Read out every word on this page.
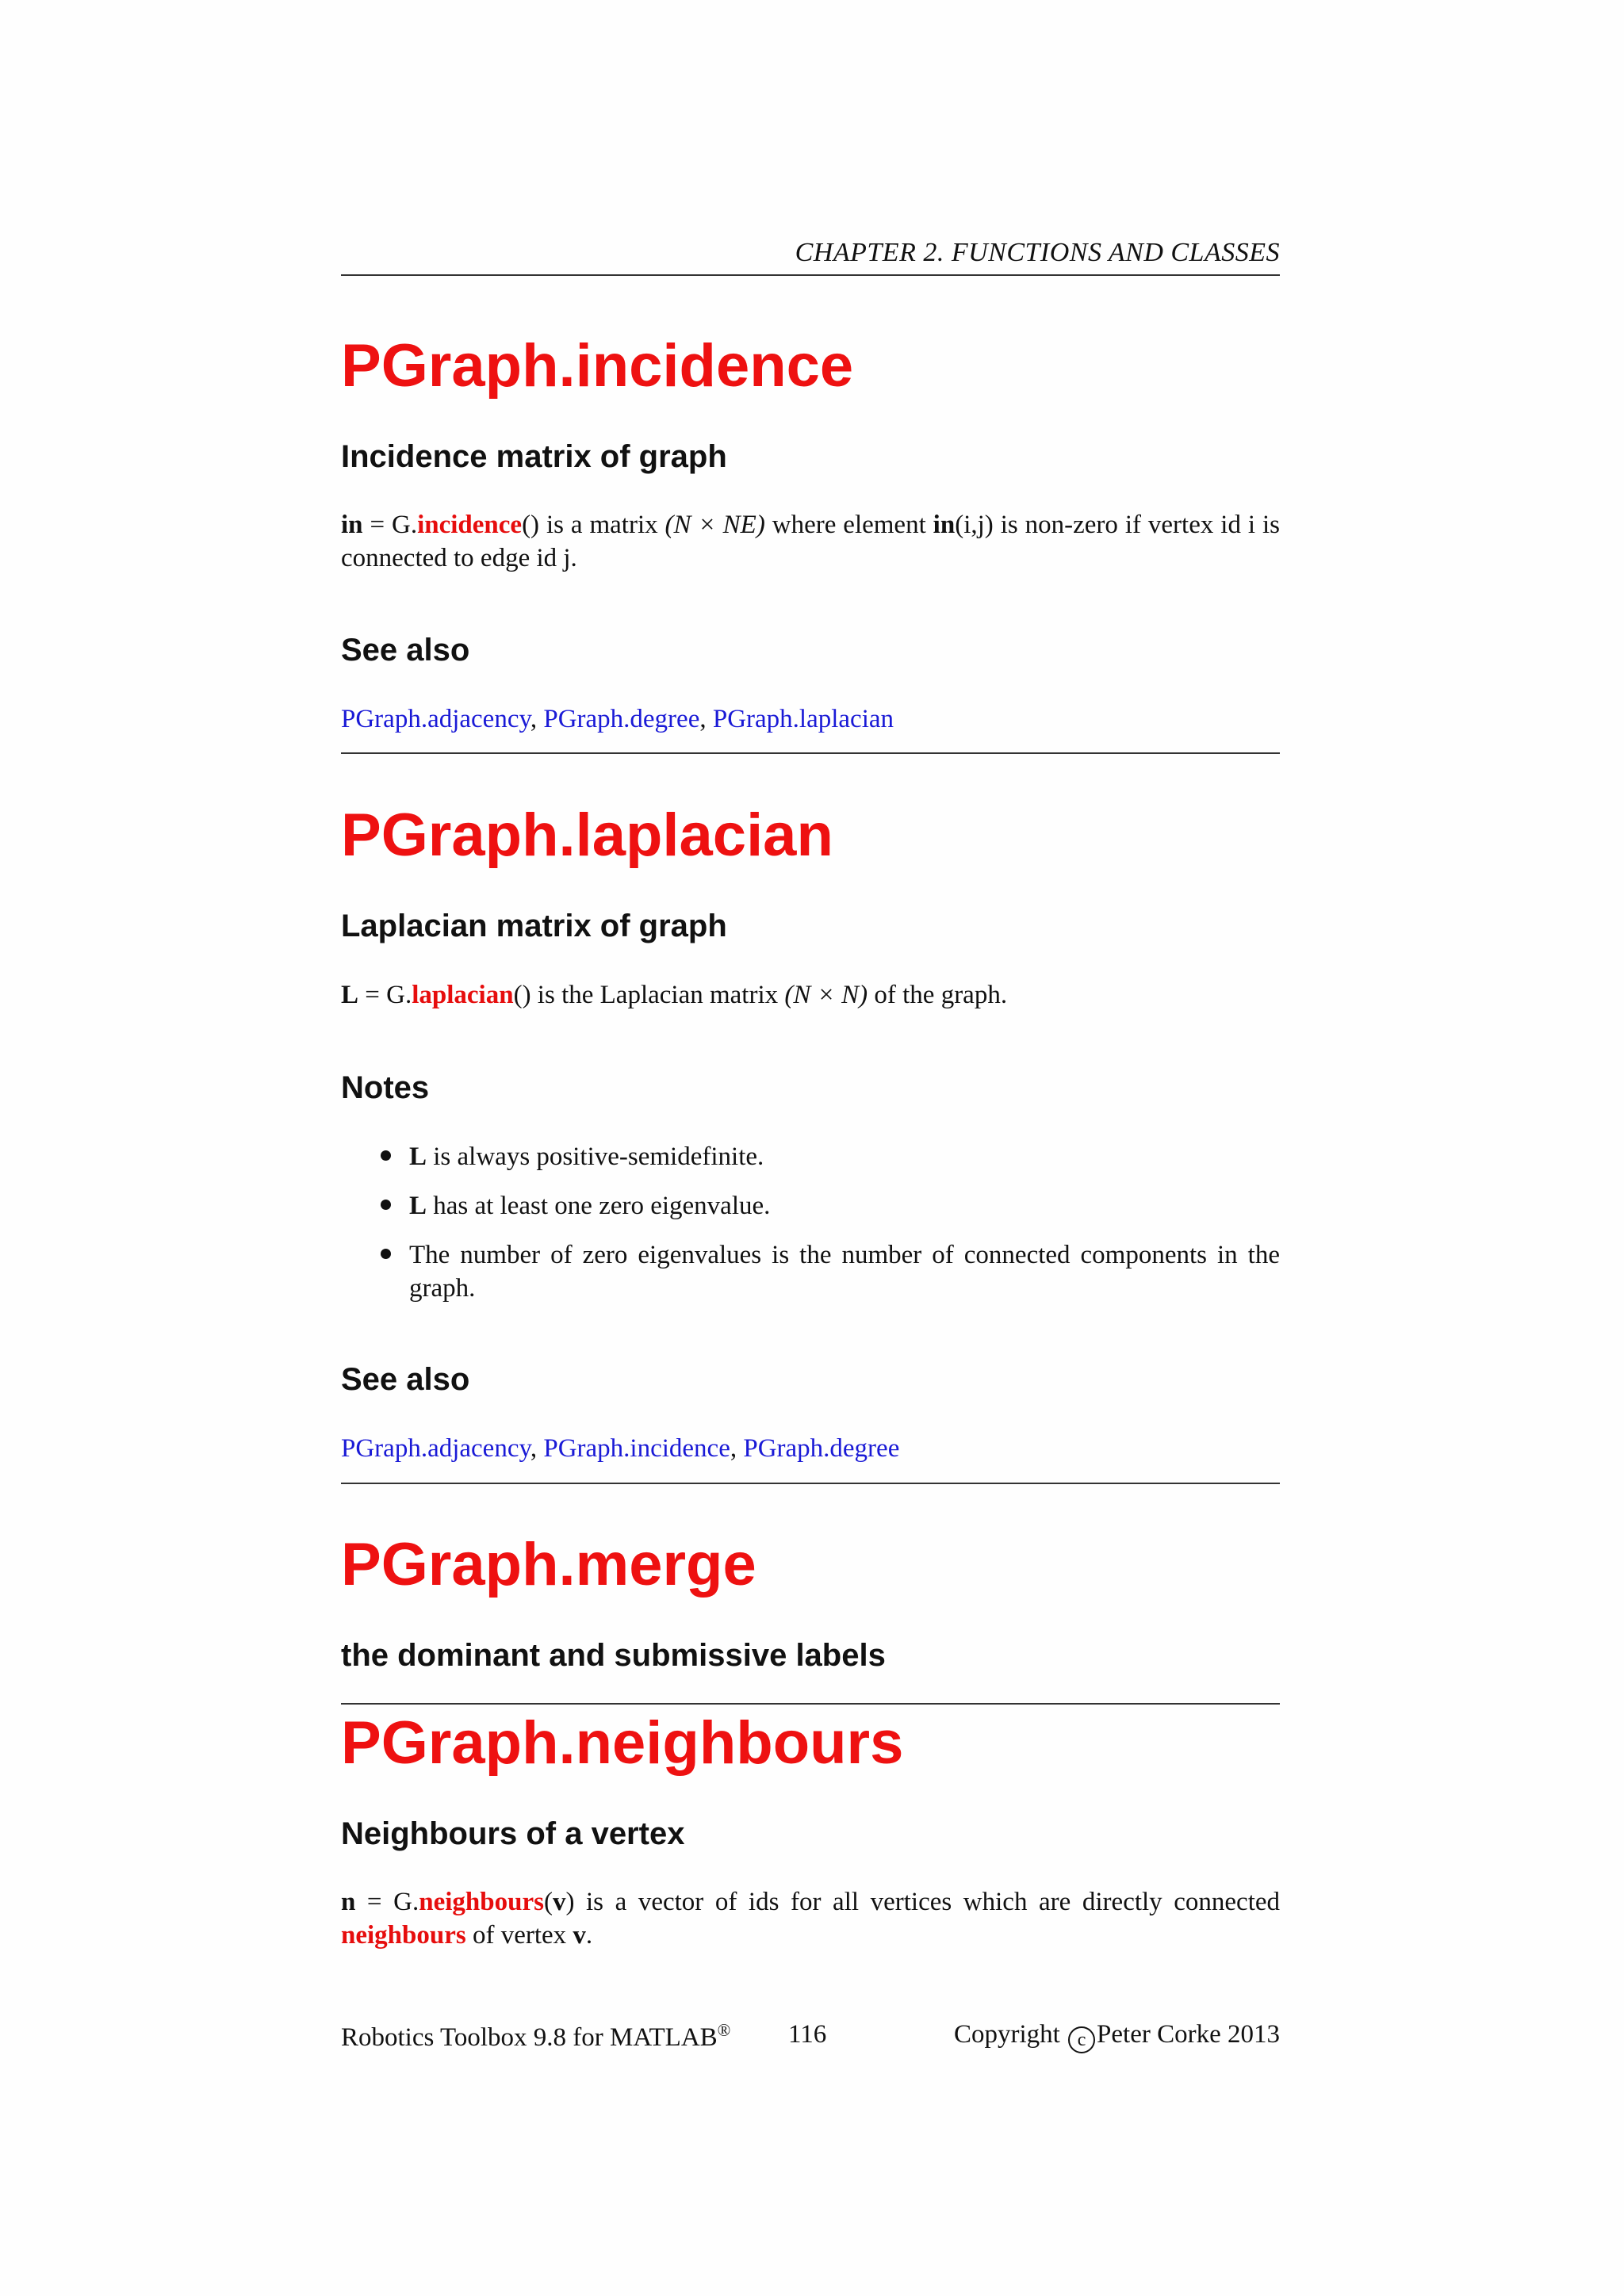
CHAPTER 2. FUNCTIONS AND CLASSES
PGraph.incidence
Incidence matrix of graph
in = G.incidence() is a matrix (N × NE) where element in(i,j) is non-zero if vertex id i is connected to edge id j.
See also
PGraph.adjacency, PGraph.degree, PGraph.laplacian
PGraph.laplacian
Laplacian matrix of graph
L = G.laplacian() is the Laplacian matrix (N × N) of the graph.
Notes
L is always positive-semidefinite.
L has at least one zero eigenvalue.
The number of zero eigenvalues is the number of connected components in the graph.
See also
PGraph.adjacency, PGraph.incidence, PGraph.degree
PGraph.merge
the dominant and submissive labels
PGraph.neighbours
Neighbours of a vertex
n = G.neighbours(v) is a vector of ids for all vertices which are directly connected neighbours of vertex v.
Robotics Toolbox 9.8 for MATLAB® 116	Copyright c Peter Corke 2013
